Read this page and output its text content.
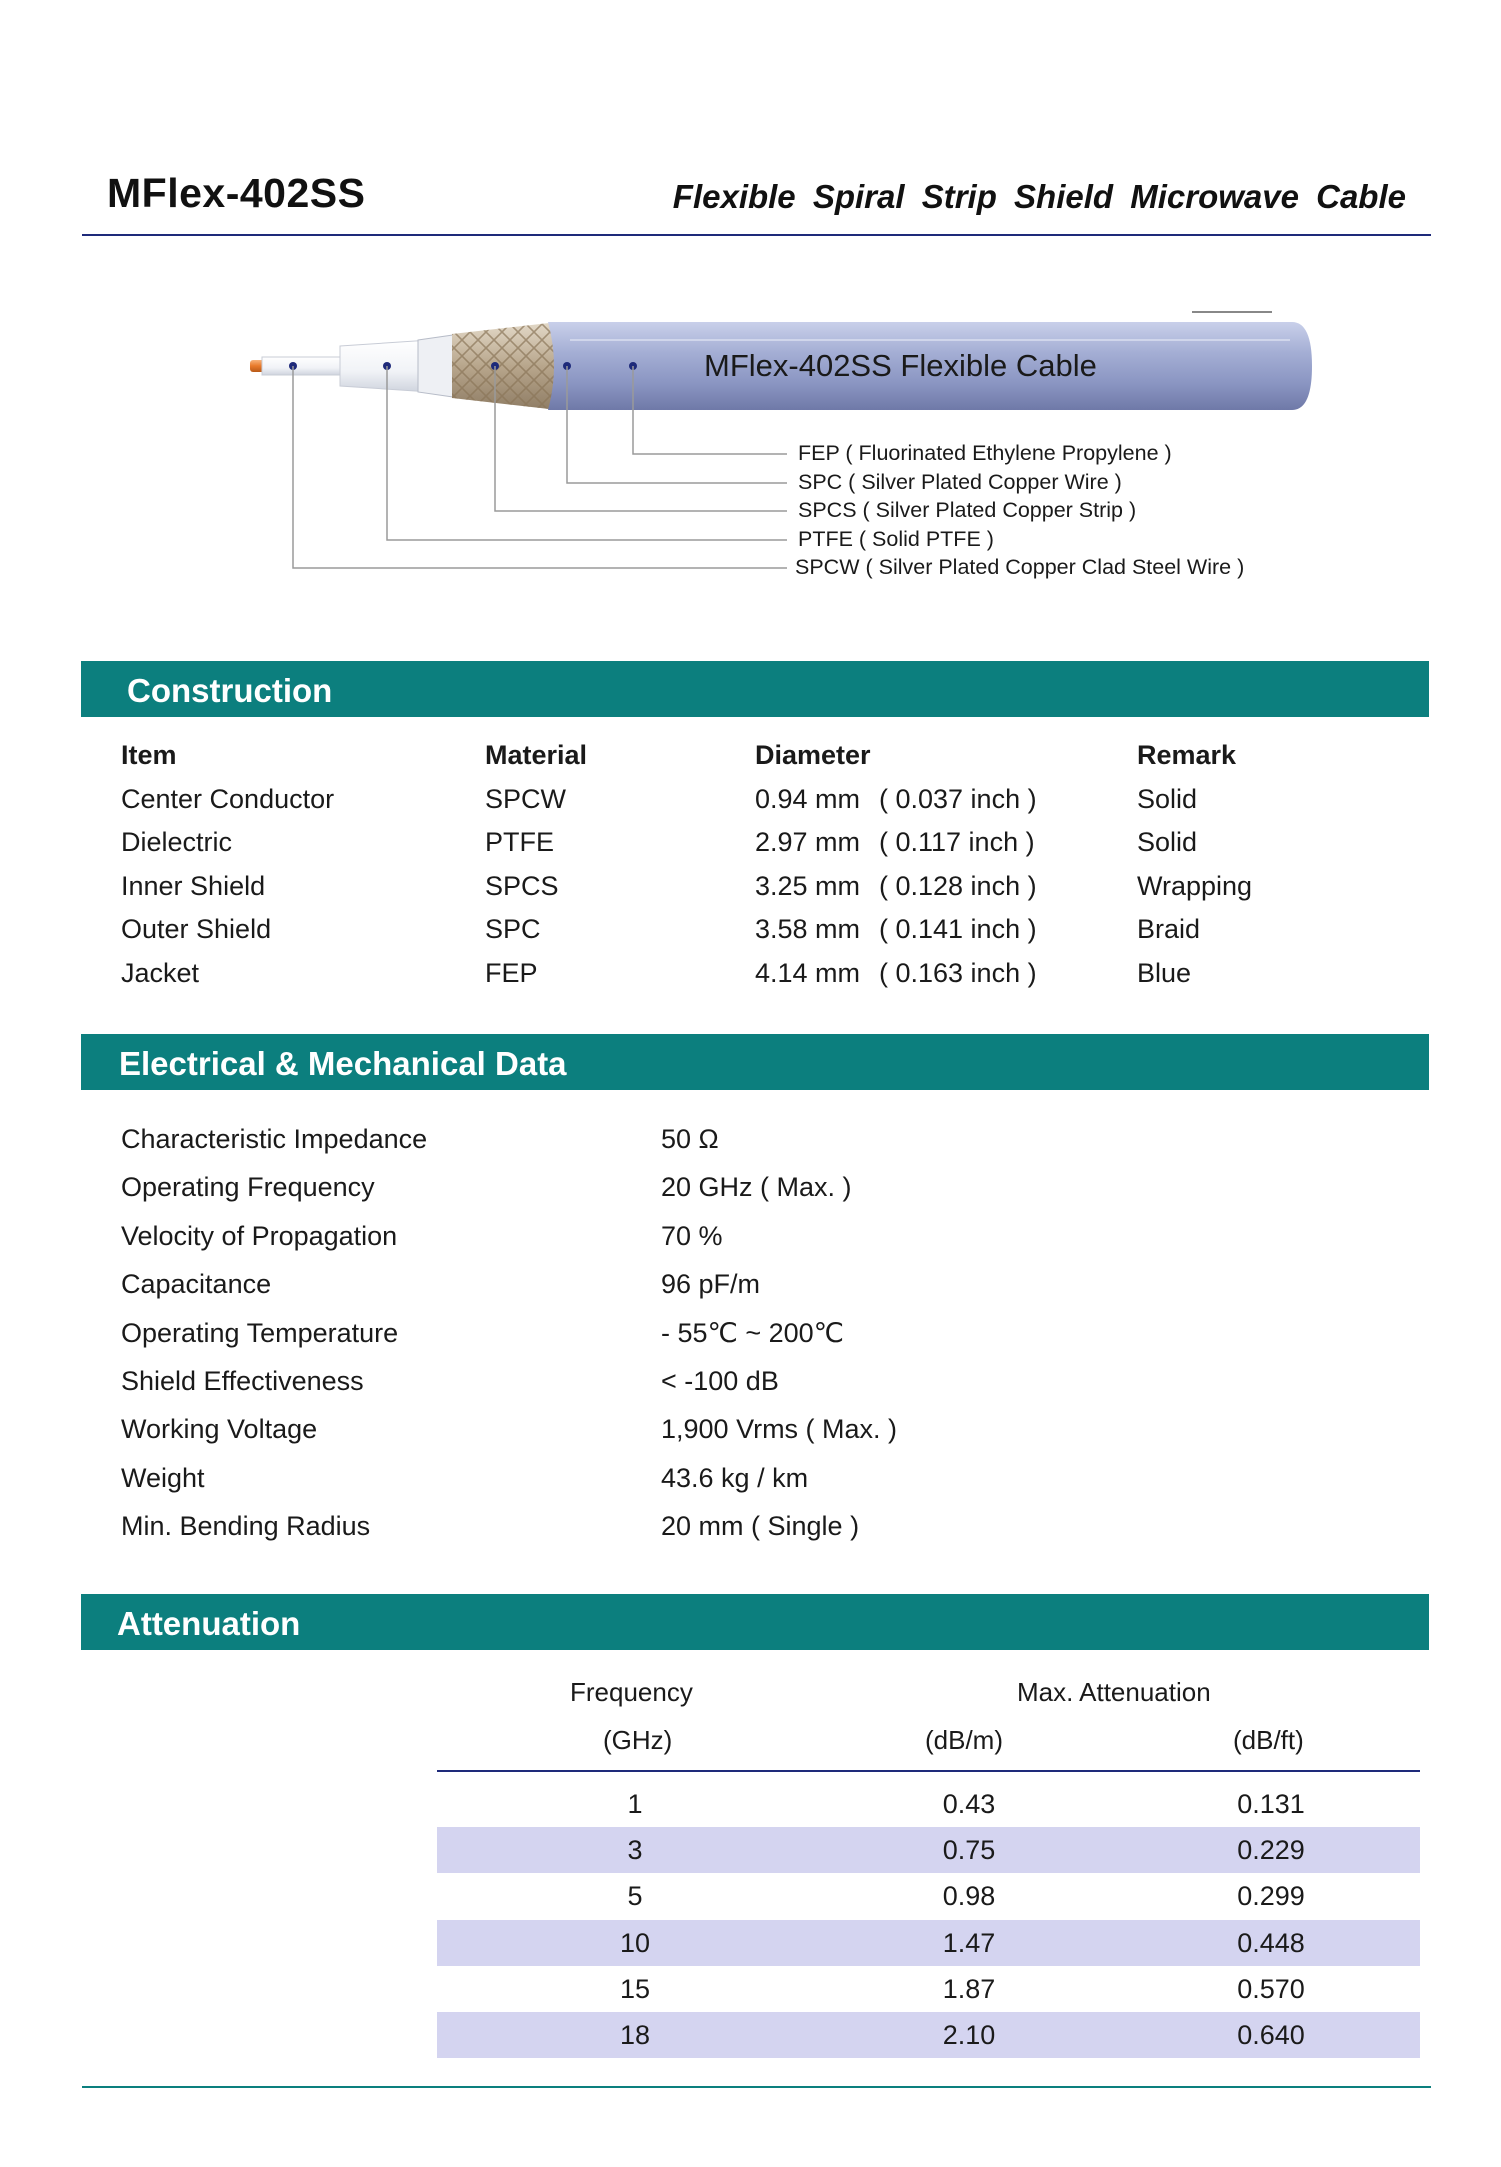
MFlex-402SS	Flexible Spiral Strip Shield Microwave Cable
MFlex-402SS Flexible Cable
FEP ( Fluorinated Ethylene Propylene )
SPC ( Silver Plated Copper Wire )
SPCS ( Silver Plated Copper Strip )
PTFE ( Solid PTFE )
SPCW ( Silver Plated Copper Clad Steel Wire )
Construction
Item	Material	Diameter	Remark
Center Conductor	SPCW	0.94 mm ( 0.037 inch )	Solid
Dielectric	PTFE	2.97 mm ( 0.117 inch )	Solid
Inner Shield	SPCS	3.25 mm ( 0.128 inch )	Wrapping
Outer Shield	SPC	3.58 mm ( 0.141 inch )	Braid
Jacket	FEP	4.14 mm ( 0.163 inch )	Blue
Electrical & Mechanical Data
Characteristic Impedance	50 Ω
Operating Frequency	20 GHz ( Max. )
Velocity of Propagation	70 %
Capacitance	96 pF/m
Operating Temperature	- 55℃ ~ 200℃
Shield Effectiveness	< -100 dB
Working Voltage	1,900 Vrms ( Max. )
Weight	43.6 kg / km
Min. Bending Radius	20 mm ( Single )
Attenuation
Frequency	Max. Attenuation
(GHz)	(dB/m)	(dB/ft)
1	0.43	0.131
3	0.75	0.229
5	0.98	0.299
10	1.47	0.448
15	1.87	0.570
18	2.10	0.640
